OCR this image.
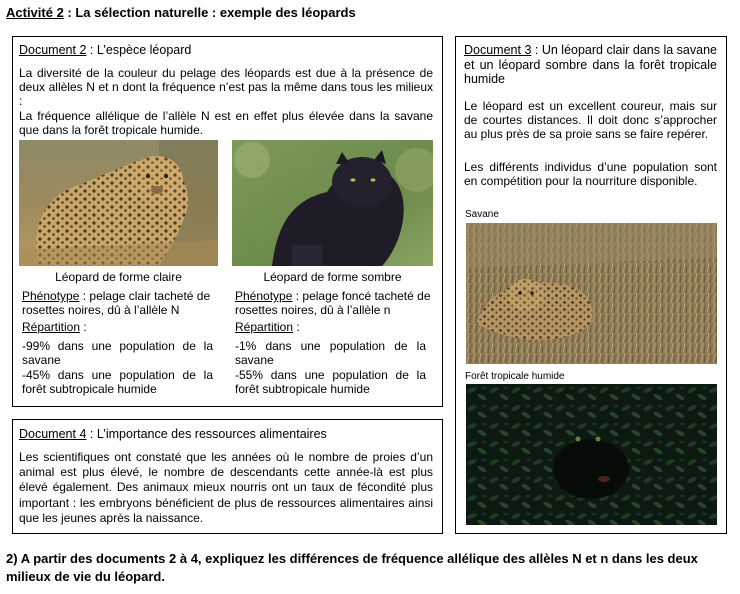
Activité 2 : La sélection naturelle : exemple des léopards
Document 2 : L’espèce léopard

La diversité de la couleur du pelage des léopards est due à la présence de deux allèles N et n dont la fréquence n’est pas la même dans tous les milieux :

La fréquence allélique de l’allèle N est en effet plus élevée dans la savane que dans la forêt tropicale humide.

Léopard de forme claire	Léopard de forme sombre
Phénotype : pelage clair tacheté de rosettes noires, dû à l’allèle N
Répartition :

-99% dans une population de la savane

-45% dans une population de la forêt subtropicale humide

Phénotype : pelage foncé tacheté de rosettes noires, dû à l’allèle n
Répartition :

-1% dans une population de la savane

-55% dans une population de la forêt subtropicale humide

Document 4 : L’importance des ressources alimentaires

Les scientifiques ont constaté que les années où le nombre de proies d’un animal est plus élevé, le nombre de descendants cette année-là est plus élevé également. Des animaux mieux nourris ont un taux de fécondité plus important : les embryons bénéficient de plus de ressources alimentaires ainsi que les jeunes après la naissance.

Document 3 : Un léopard clair dans la savane et un léopard sombre dans la forêt tropicale humide

Le léopard est un excellent coureur, mais sur de courtes distances. Il doit donc s’approcher au plus près de sa proie sans se faire repérer.

Les différents individus d’une population sont en compétition pour la nourriture disponible.

Savane
Forêt tropicale humide
2) A partir des documents 2 à 4, expliquez les différences de fréquence allélique des allèles N et n dans les deux milieux de vie du léopard.
